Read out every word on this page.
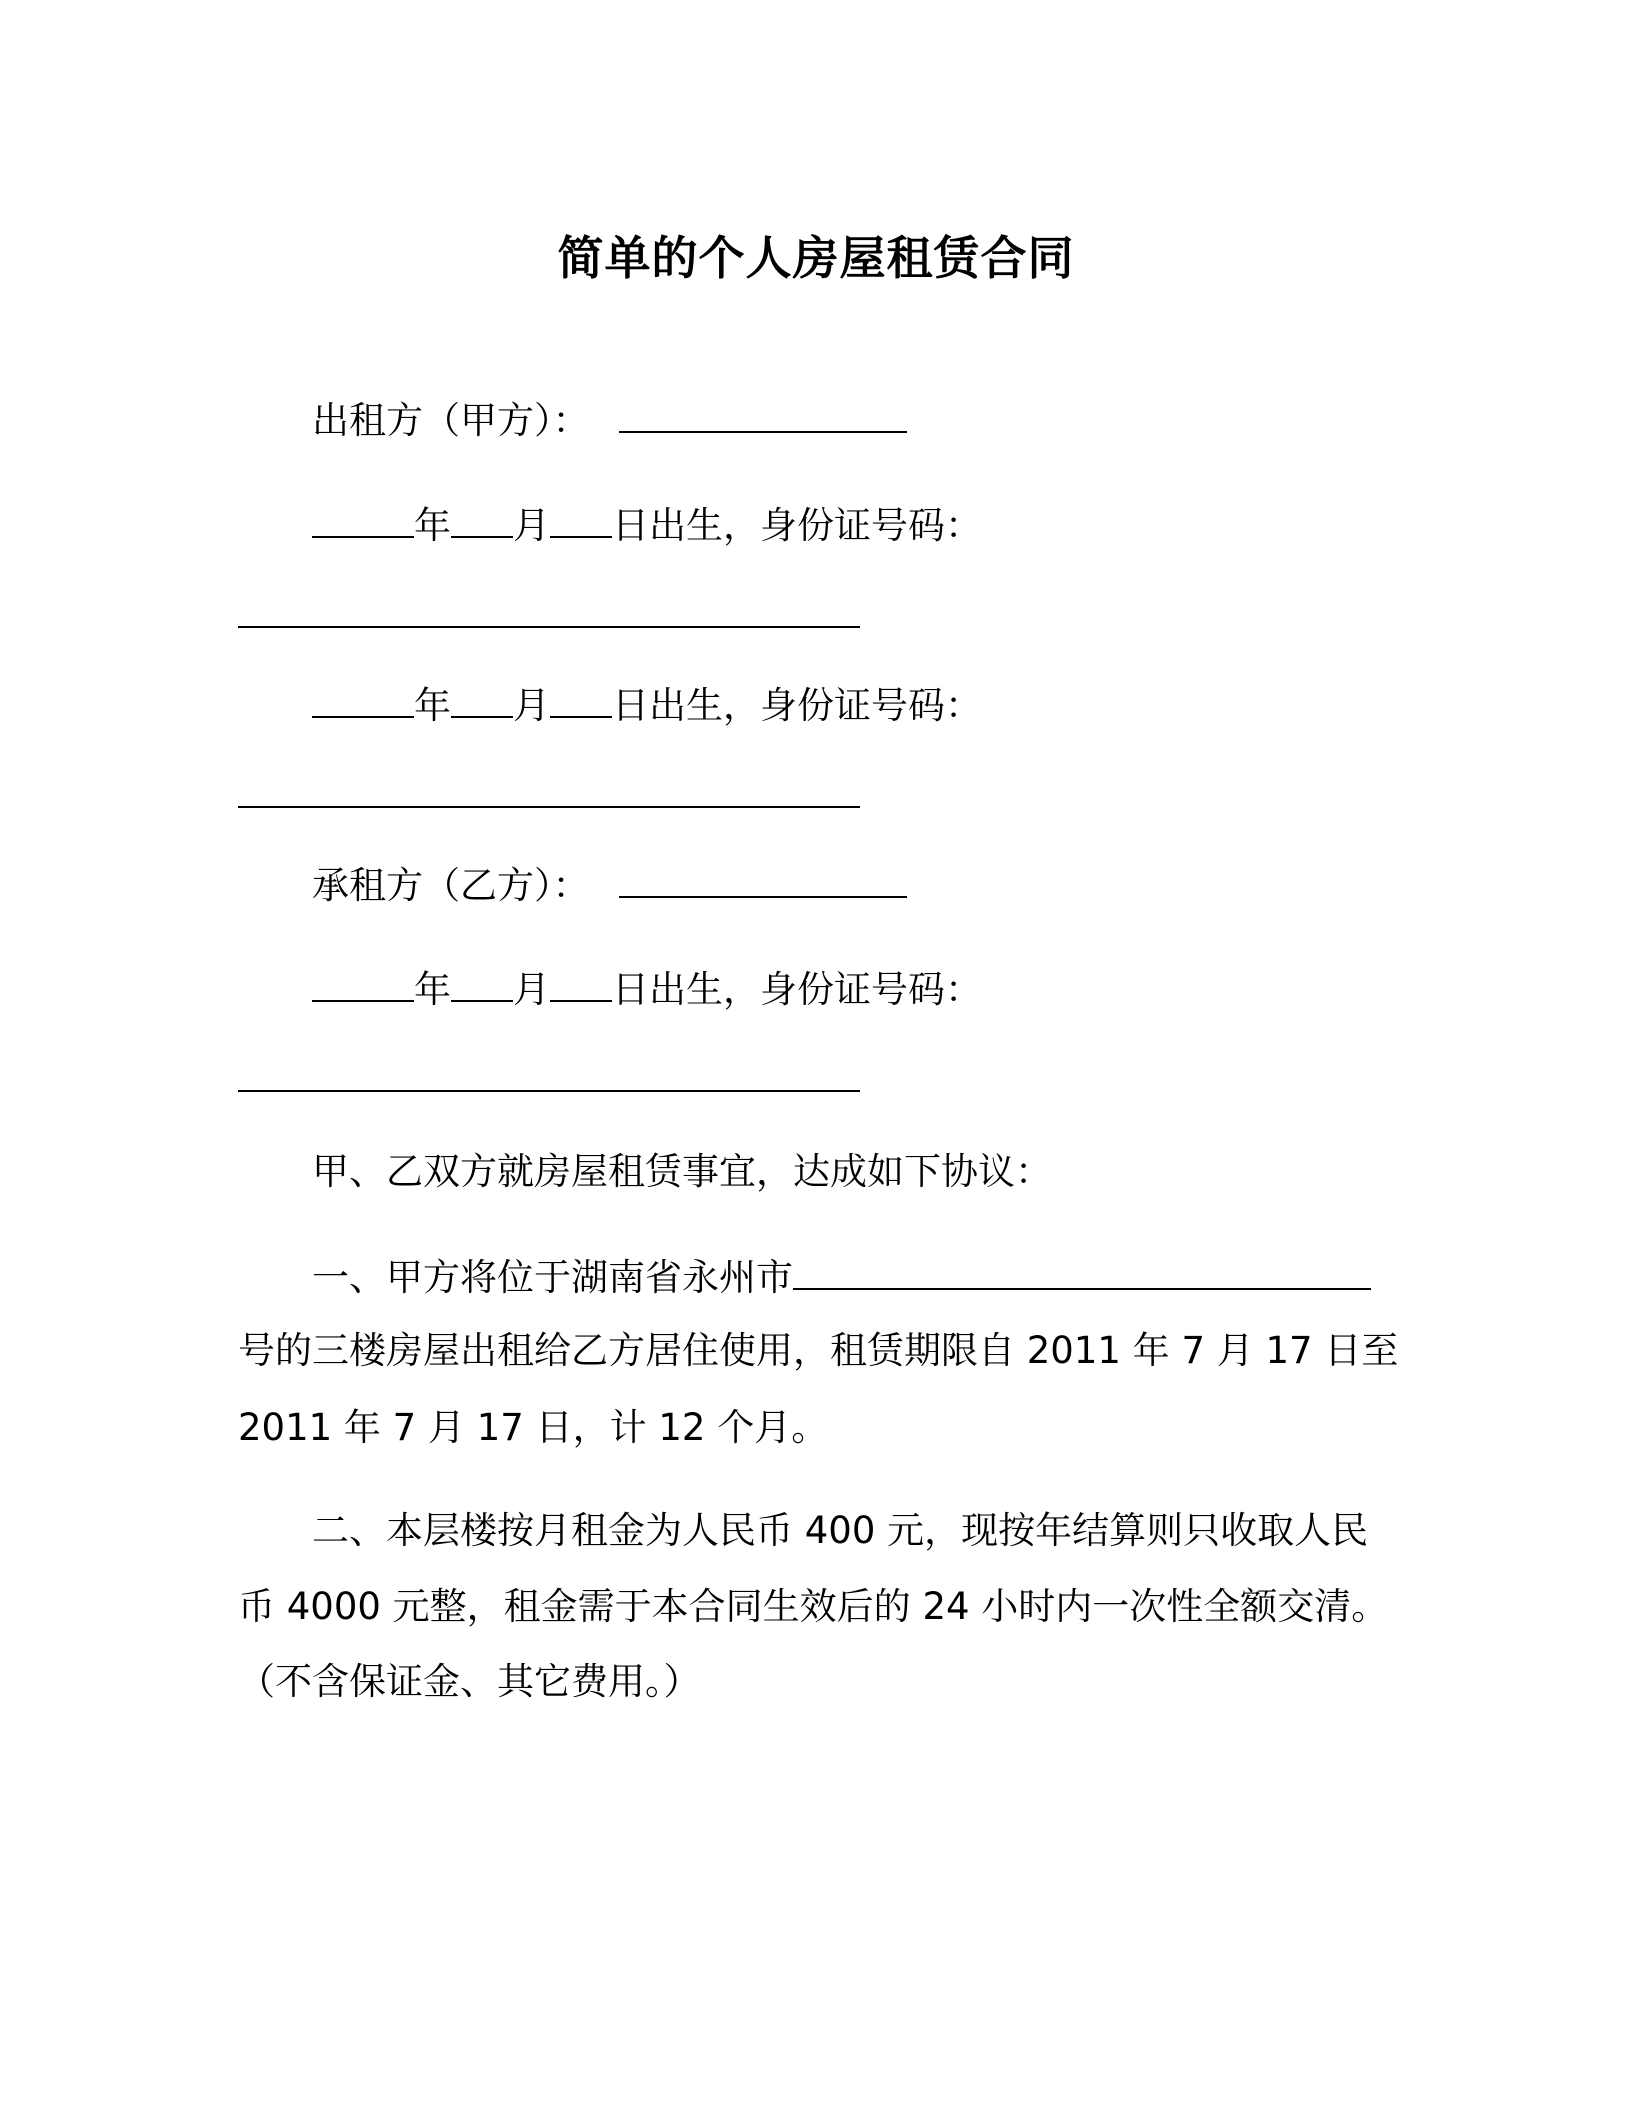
简单的个人房屋租赁合同
出租方（甲方）：
年 月 日出生，身份证号码：
年 月 日出生，身份证号码：
承租方（乙方）：
年 月 日出生，身份证号码：
甲、乙双方就房屋租赁事宜，达成如下协议：
一、甲方将位于湖南省永州市
号的三楼房屋出租给乙方居住使用，租赁期限自 2011 年 7 月 17 日至
2011 年 7 月 17 日，计 12 个月。
二、本层楼按月租金为人民币 400 元，现按年结算则只收取人民
币 4000 元整，租金需于本合同生效后的 24 小时内一次性全额交清。
（不含保证金、其它费用。）
